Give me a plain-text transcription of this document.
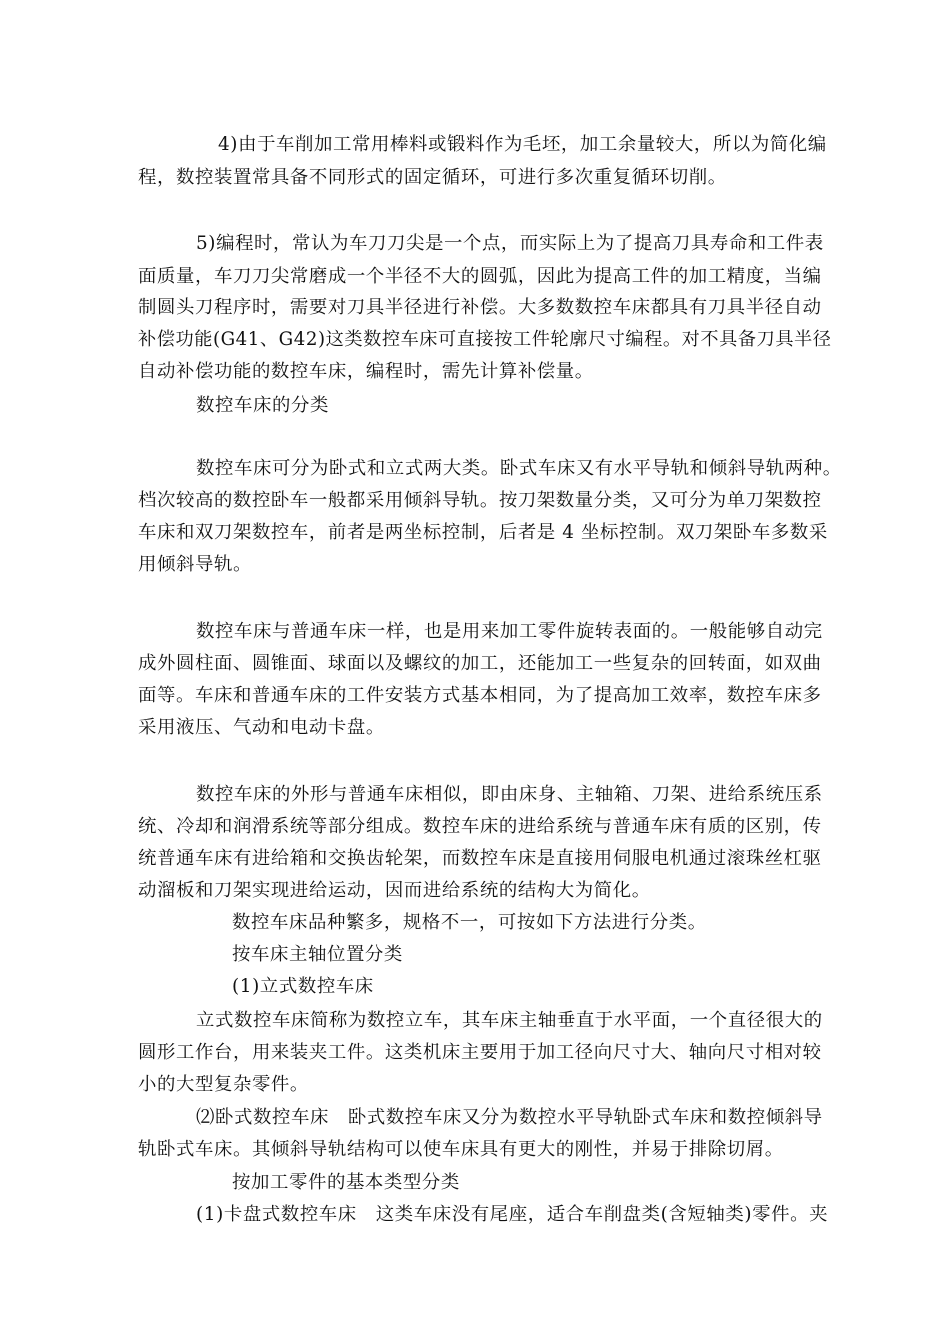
4)由于车削加工常用棒料或锻料作为毛坯，加工余量较大，所以为简化编
程，数控装置常具备不同形式的固定循环，可进行多次重复循环切削。
5)编程时，常认为车刀刀尖是一个点，而实际上为了提高刀具寿命和工件表
面质量，车刀刀尖常磨成一个半径不大的圆弧，因此为提高工件的加工精度，当编
制圆头刀程序时，需要对刀具半径进行补偿。大多数数控车床都具有刀具半径自动
补偿功能(G41、G42)这类数控车床可直接按工件轮廓尺寸编程。对不具备刀具半径
自动补偿功能的数控车床，编程时，需先计算补偿量。
数控车床的分类
数控车床可分为卧式和立式两大类。卧式车床又有水平导轨和倾斜导轨两种。
档次较高的数控卧车一般都采用倾斜导轨。按刀架数量分类，又可分为单刀架数控
车床和双刀架数控车，前者是两坐标控制，后者是 4 坐标控制。双刀架卧车多数采
用倾斜导轨。
数控车床与普通车床一样，也是用来加工零件旋转表面的。一般能够自动完
成外圆柱面、圆锥面、球面以及螺纹的加工，还能加工一些复杂的回转面，如双曲
面等。车床和普通车床的工件安装方式基本相同，为了提高加工效率，数控车床多
采用液压、气动和电动卡盘。
数控车床的外形与普通车床相似，即由床身、主轴箱、刀架、进给系统压系
统、冷却和润滑系统等部分组成。数控车床的进给系统与普通车床有质的区别，传
统普通车床有进给箱和交换齿轮架，而数控车床是直接用伺服电机通过滚珠丝杠驱
动溜板和刀架实现进给运动，因而进给系统的结构大为简化。
数控车床品种繁多，规格不一，可按如下方法进行分类。
按车床主轴位置分类
(1)立式数控车床
立式数控车床简称为数控立车，其车床主轴垂直于水平面，一个直径很大的
圆形工作台，用来装夹工件。这类机床主要用于加工径向尺寸大、轴向尺寸相对较
小的大型复杂零件。
⑵卧式数控车床　卧式数控车床又分为数控水平导轨卧式车床和数控倾斜导
轨卧式车床。其倾斜导轨结构可以使车床具有更大的刚性，并易于排除切屑。
按加工零件的基本类型分类
(1)卡盘式数控车床　这类车床没有尾座，适合车削盘类(含短轴类)零件。夹
